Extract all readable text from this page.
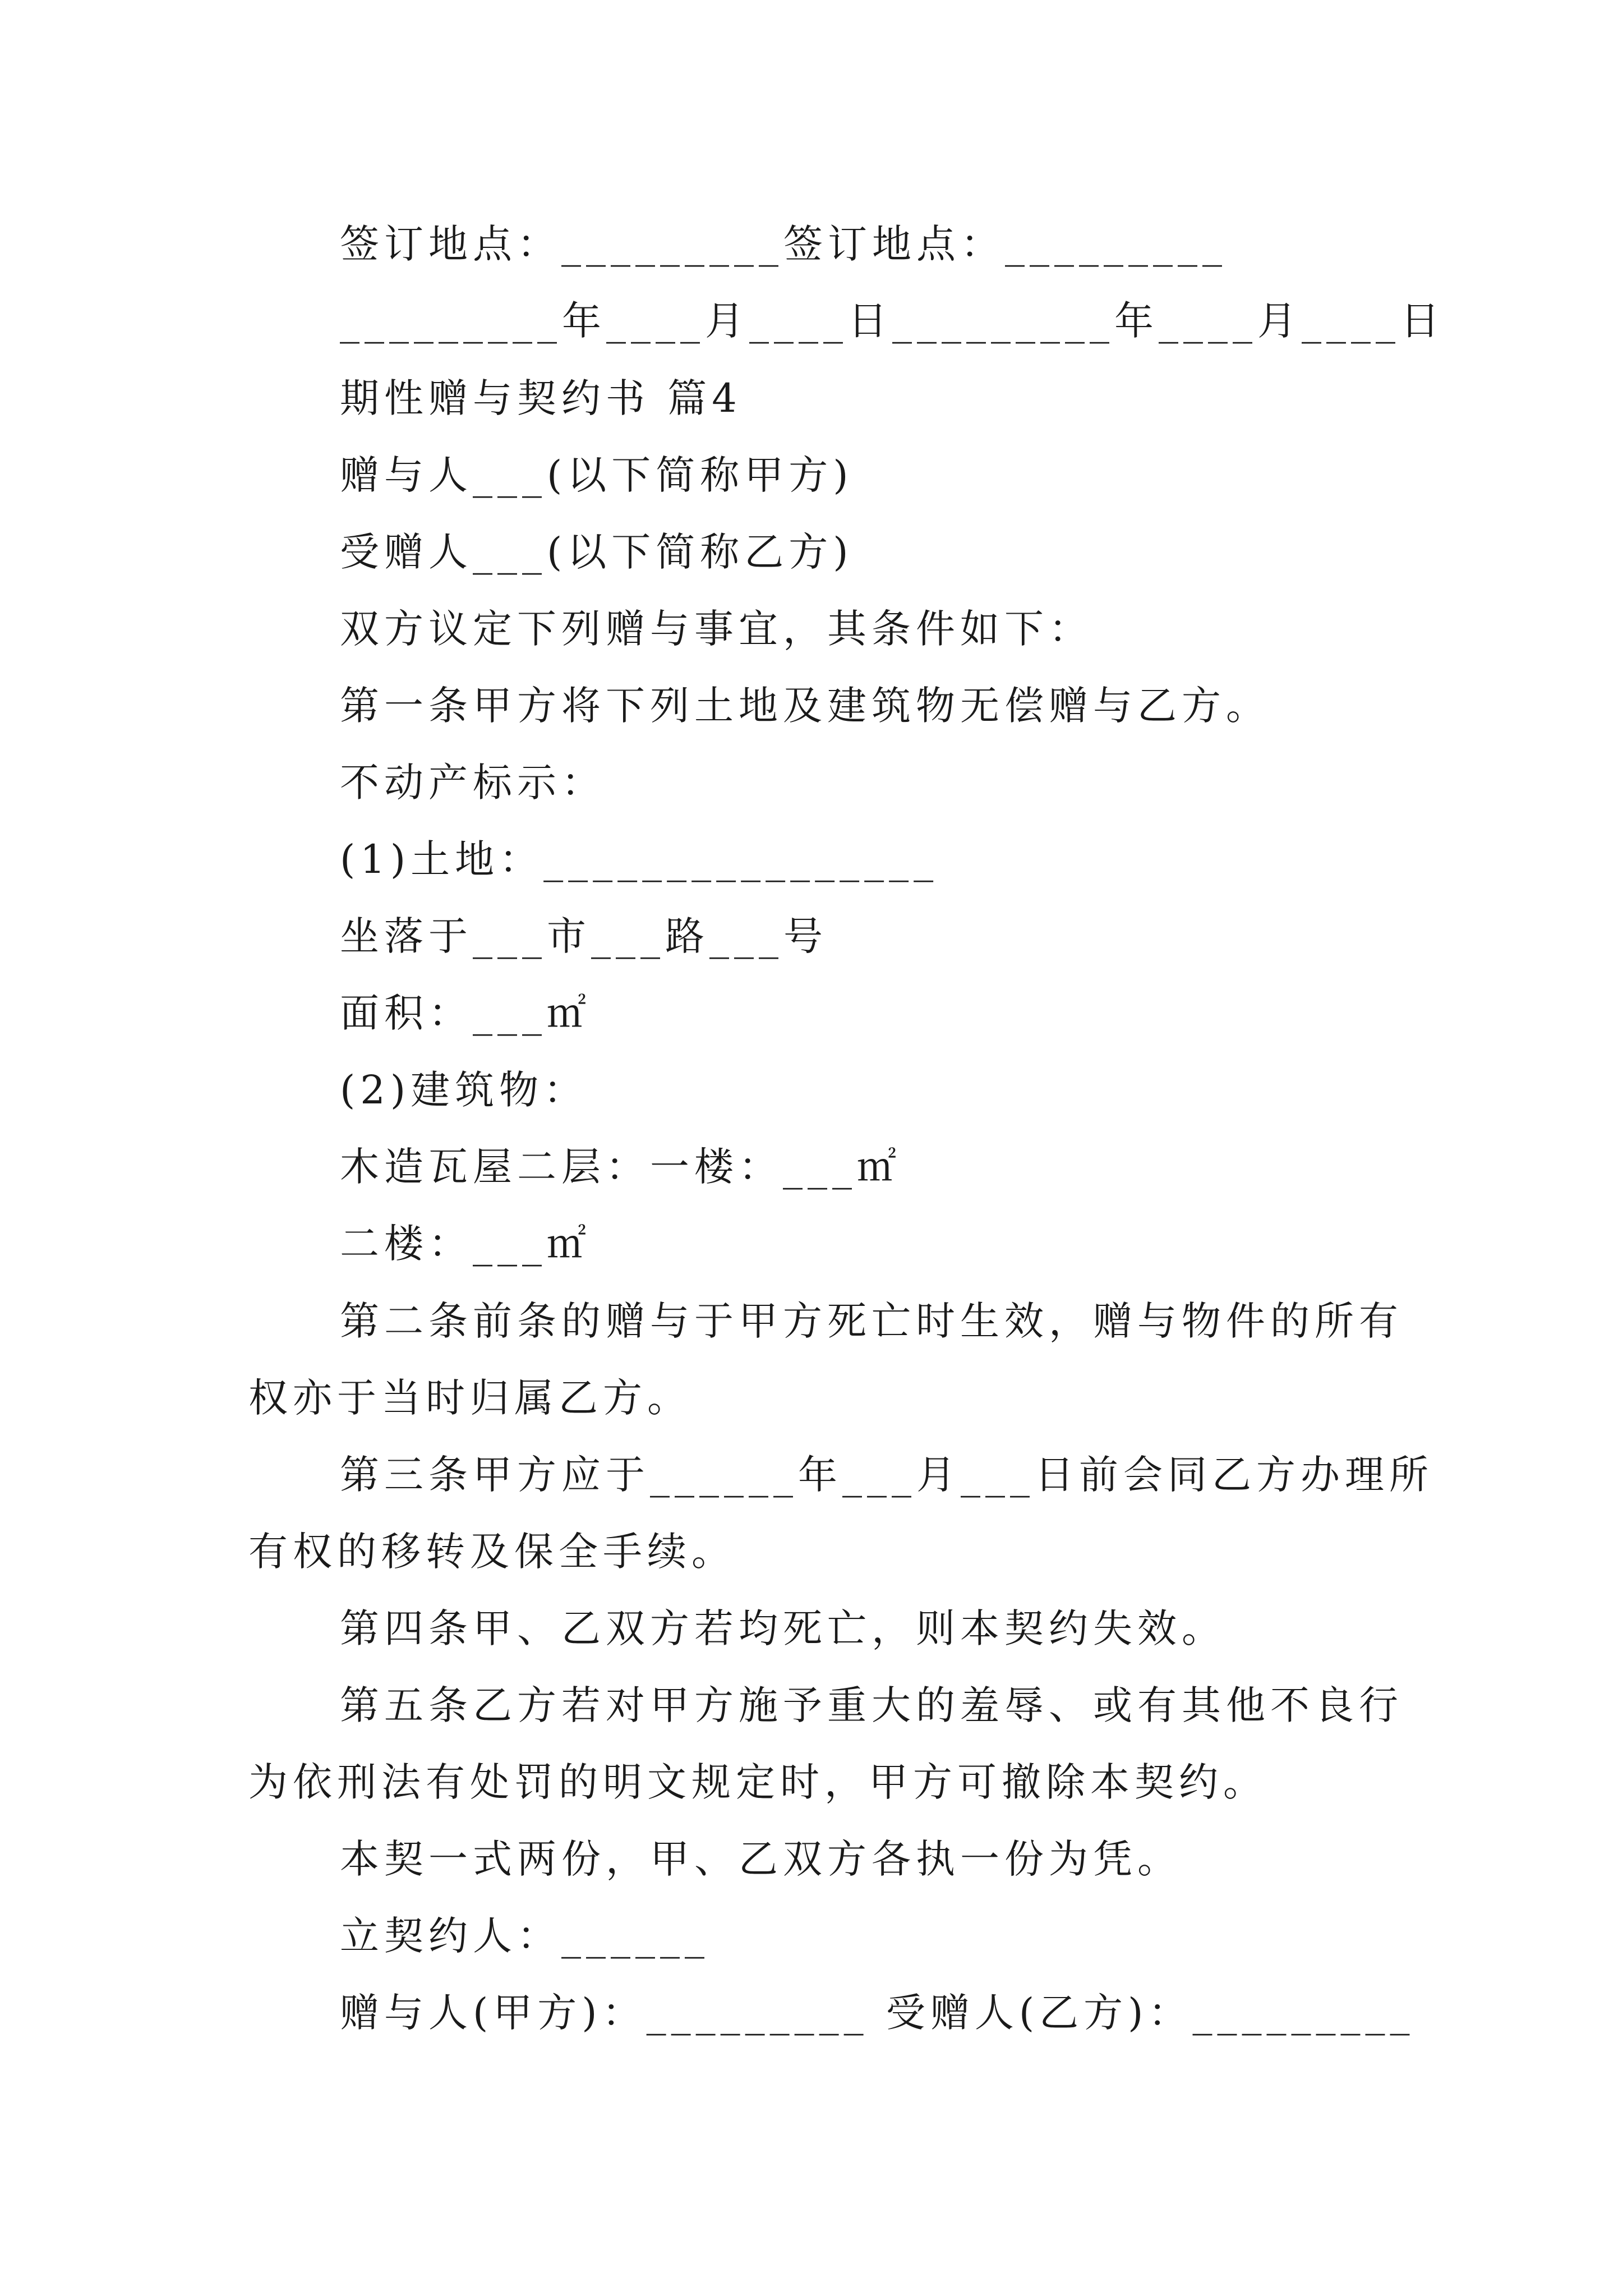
签订地点：_________签订地点：_________
_________年____月____日_________年____月____日
期性赠与契约书 篇4
赠与人___(以下简称甲方)
受赠人___(以下简称乙方)
双方议定下列赠与事宜，其条件如下：
第一条甲方将下列土地及建筑物无偿赠与乙方。
不动产标示：
(1)土地：________________
坐落于___市___路___号
面积：___㎡
(2)建筑物：
木造瓦屋二层：一楼：___㎡
二楼：___㎡
第二条前条的赠与于甲方死亡时生效，赠与物件的所有
权亦于当时归属乙方。
第三条甲方应于______年___月___日前会同乙方办理所
有权的移转及保全手续。
第四条甲、乙双方若均死亡，则本契约失效。
第五条乙方若对甲方施予重大的羞辱、或有其他不良行
为依刑法有处罚的明文规定时，甲方可撤除本契约。
本契一式两份，甲、乙双方各执一份为凭。
立契约人：______
赠与人(甲方)：_________ 受赠人(乙方)：_________
